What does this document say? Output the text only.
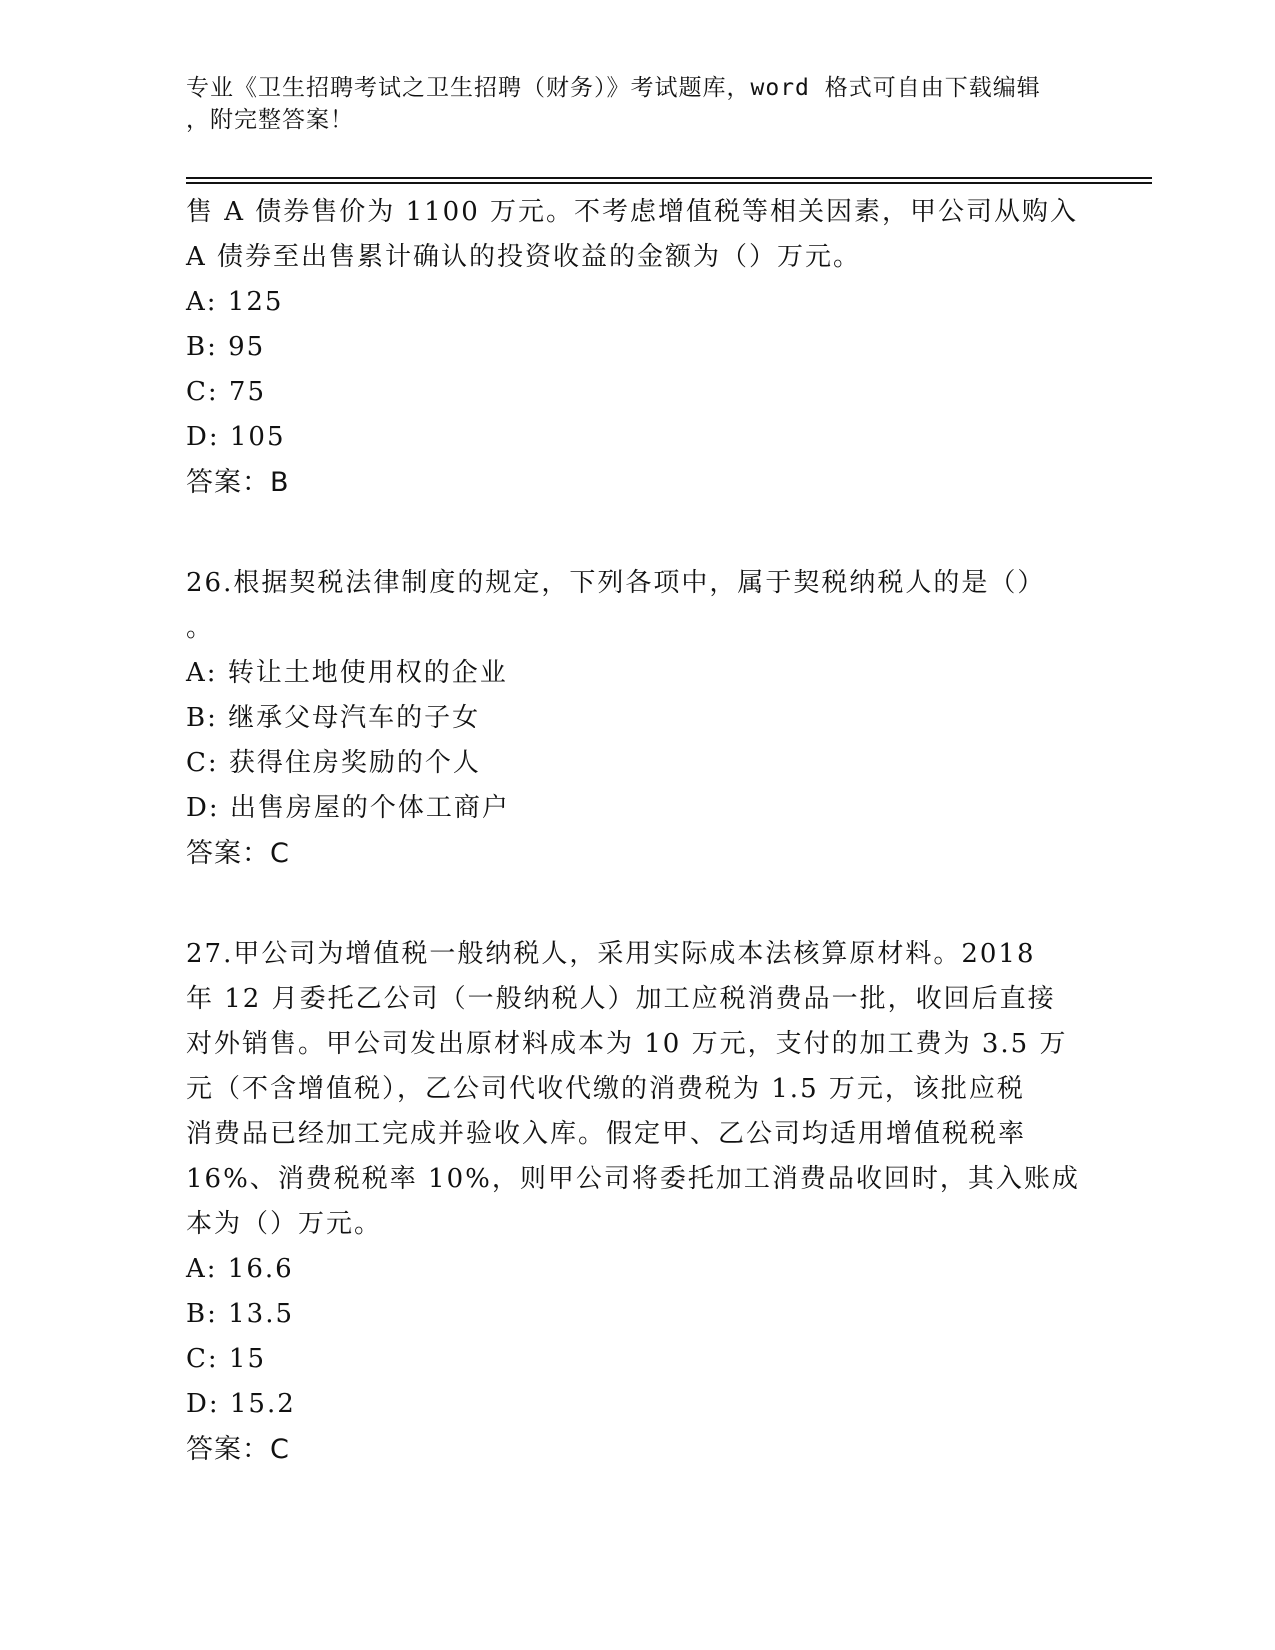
专业《卫生招聘考试之卫生招聘（财务）》考试题库，word 格式可自由下载编辑
，附完整答案！

售 A 债券售价为 1100 万元。不考虑增值税等相关因素，甲公司从购入

A 债券至出售累计确认的投资收益的金额为（）万元。

A: 125

B: 95

C: 75

D: 105

答案：B

26.根据契税法律制度的规定，下列各项中，属于契税纳税人的是（）

。

A: 转让土地使用权的企业

B: 继承父母汽车的子女

C: 获得住房奖励的个人

D: 出售房屋的个体工商户

答案：C

27.甲公司为增值税一般纳税人，采用实际成本法核算原材料。2018

年 12 月委托乙公司（一般纳税人）加工应税消费品一批，收回后直接

对外销售。甲公司发出原材料成本为 10 万元，支付的加工费为 3.5 万

元（不含增值税），乙公司代收代缴的消费税为 1.5 万元，该批应税

消费品已经加工完成并验收入库。假定甲、乙公司均适用增值税税率

16%、消费税税率 10%，则甲公司将委托加工消费品收回时，其入账成

本为（）万元。

A: 16.6

B: 13.5

C: 15

D: 15.2

答案：C
